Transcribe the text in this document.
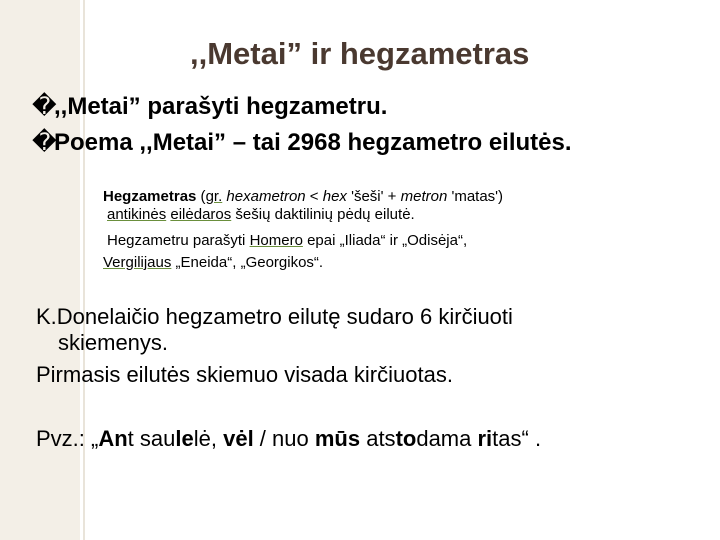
,,Metai” ir hegzametras
�,,Metai” parašyti hegzametru.
�Poema ,,Metai” – tai 2968 hegzametro eilutės.
Hegzametras (gr. hexametron < hex 'šeši' + metron 'matas')
antikinės eilėdaros šešių daktilinių pėdų eilutė.
Hegzametru parašyti Homero epai „Iliada“ ir „Odisėja“,
Vergilijaus „Eneida“, „Georgikos“.
K.Donelaičio hegzametro eilutę sudaro 6 kirčiuoti
skiemenys.
Pirmasis eilutės skiemuo visada kirčiuotas.
Pvz.: „Ant saulelė, vėl / nuo mūs atstodama ritas“ .
